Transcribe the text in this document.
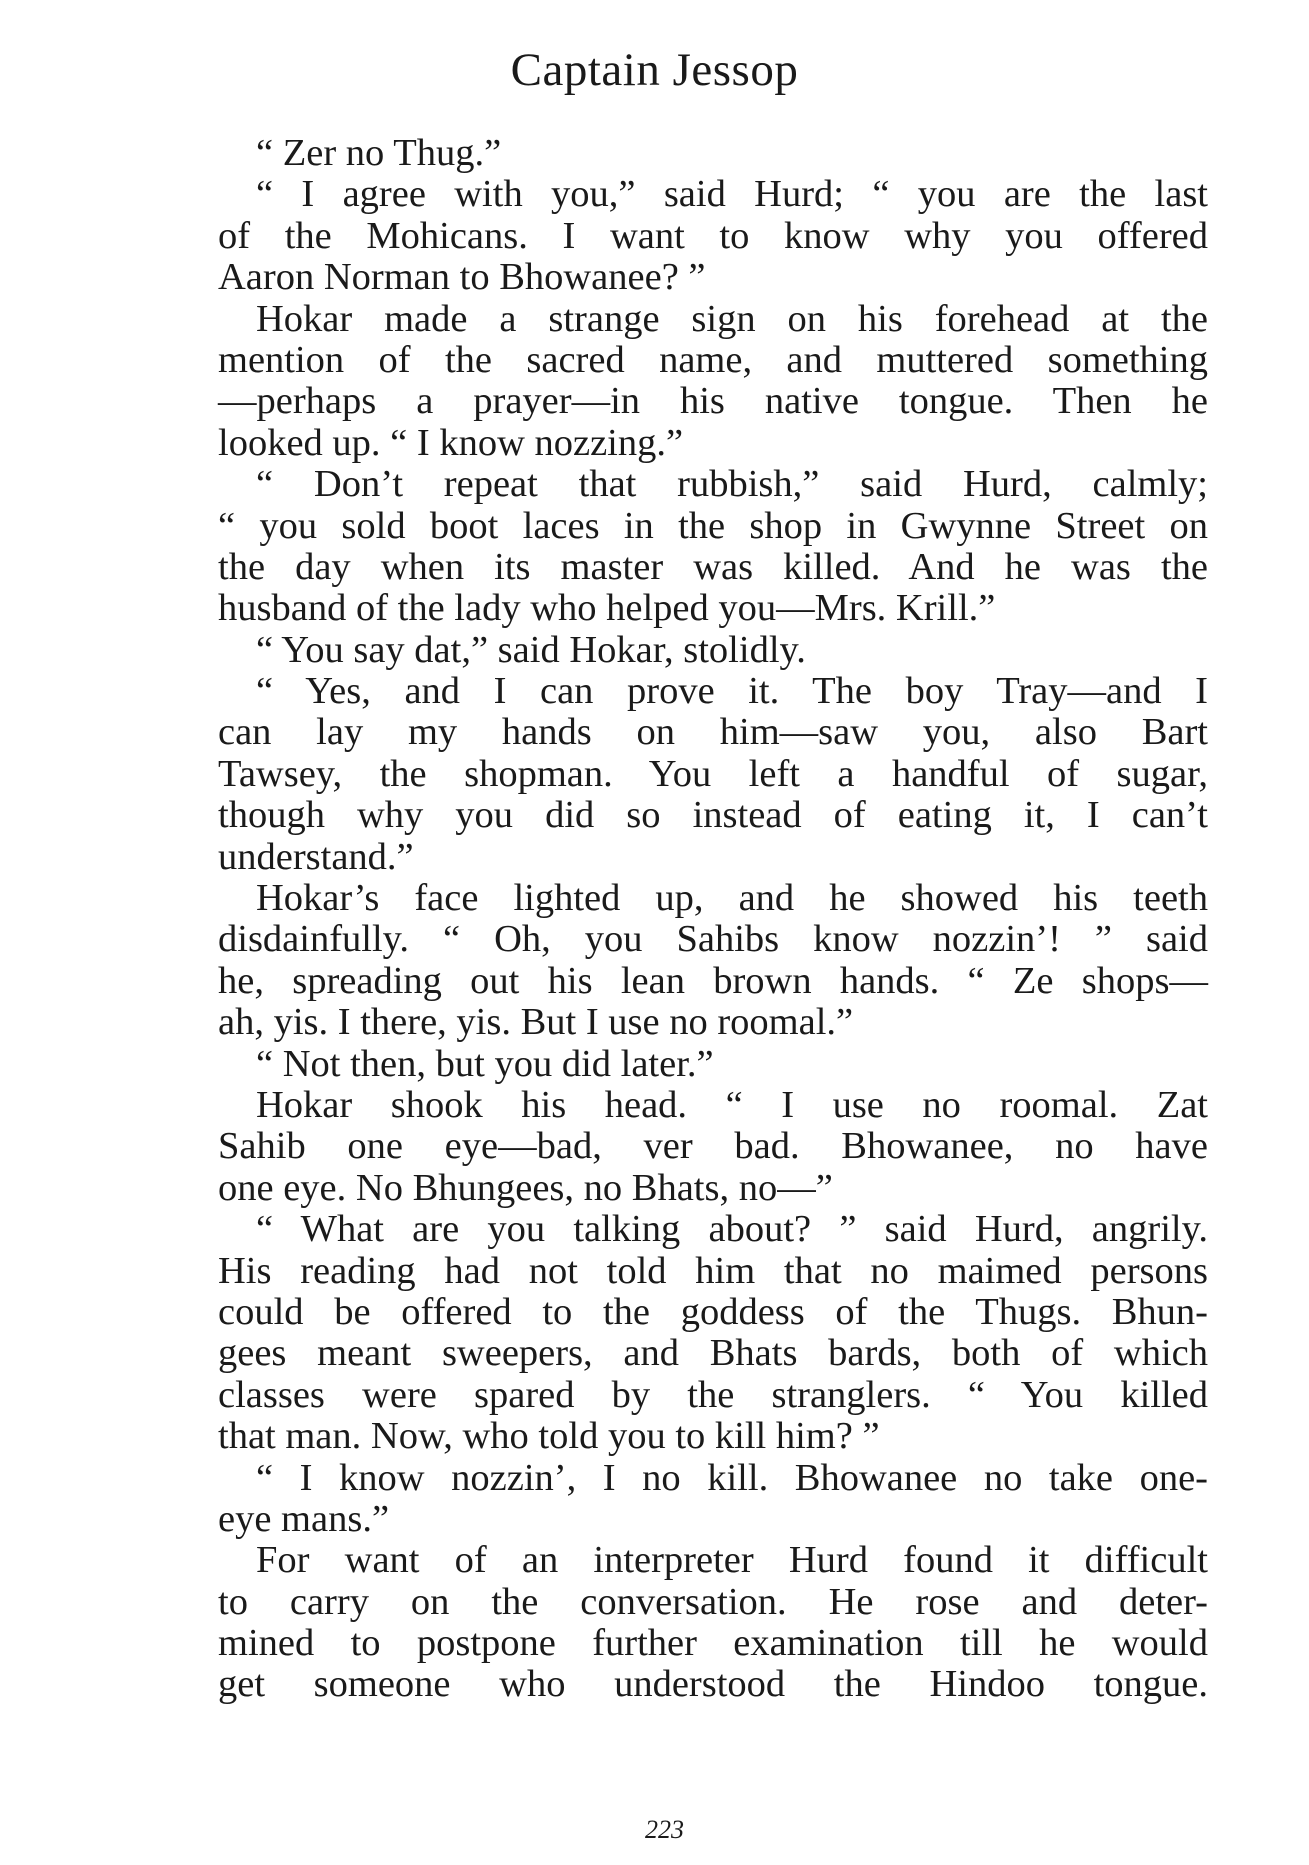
Captain Jessop
“ Zer no Thug.”
“ I agree with you,” said Hurd; “ you are the last
of the Mohicans. I want to know why you offered
Aaron Norman to Bhowanee? ”
Hokar made a strange sign on his forehead at the
mention of the sacred name, and muttered something
—perhaps a prayer—in his native tongue. Then he
looked up. “ I know nozzing.”
“ Don’t repeat that rubbish,” said Hurd, calmly;
“ you sold boot laces in the shop in Gwynne Street on
the day when its master was killed. And he was the
husband of the lady who helped you—Mrs. Krill.”
“ You say dat,” said Hokar, stolidly.
“ Yes, and I can prove it. The boy Tray—and I
can lay my hands on him—saw you, also Bart
Tawsey, the shopman. You left a handful of sugar,
though why you did so instead of eating it, I can’t
understand.”
Hokar’s face lighted up, and he showed his teeth
disdainfully. “ Oh, you Sahibs know nozzin’! ” said
he, spreading out his lean brown hands. “ Ze shops—
ah, yis. I there, yis. But I use no roomal.”
“ Not then, but you did later.”
Hokar shook his head. “ I use no roomal. Zat
Sahib one eye—bad, ver bad. Bhowanee, no have
one eye. No Bhungees, no Bhats, no—”
“ What are you talking about? ” said Hurd, angrily.
His reading had not told him that no maimed persons
could be offered to the goddess of the Thugs. Bhun-
gees meant sweepers, and Bhats bards, both of which
classes were spared by the stranglers. “ You killed
that man. Now, who told you to kill him? ”
“ I know nozzin’, I no kill. Bhowanee no take one-
eye mans.”
For want of an interpreter Hurd found it difficult
to carry on the conversation. He rose and deter-
mined to postpone further examination till he would
get someone who understood the Hindoo tongue.
223
